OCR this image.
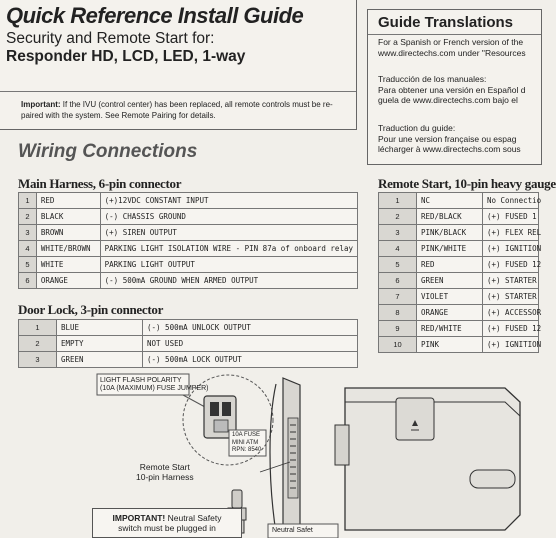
Quick Reference Install Guide
Security and Remote Start for:
Responder HD, LCD, LED, 1-way
Important: If the IVU (control center) has been replaced, all remote controls must be re-paired with the system. See Remote Pairing for details.
Guide Translations
For a Spanish or French version of the
www.directechs.com under "Resources
Traducción de los manuales:
Para obtener una versión en Español d
guela de www.directechs.com bajo el
Traduction du guide:
Pour une version française ou espag
lécharger à www.directechs.com sous
Wiring Connections
Main Harness, 6-pin connector
1	RED	(+)12VDC CONSTANT INPUT
2	BLACK	(-) CHASSIS GROUND
3	BROWN	(+) SIREN OUTPUT
4	WHITE/BROWN	PARKING LIGHT ISOLATION WIRE - PIN 87a of onboard relay
5	WHITE	PARKING LIGHT OUTPUT
6	ORANGE	(-) 500mA GROUND WHEN ARMED OUTPUT
Door Lock, 3-pin connector
1	BLUE	(-) 500mA UNLOCK OUTPUT
2	EMPTY	NOT USED
3	GREEN	(-) 500mA LOCK OUTPUT
Remote Start, 10-pin heavy gauge
1	NC	No Connectio
2	RED/BLACK	(+) FUSED 1
3	PINK/BLACK	(+) FLEX REL
4	PINK/WHITE	(+) IGNITION
5	RED	(+) FUSED 12
6	GREEN	(+) STARTER
7	VIOLET	(+) STARTER
8	ORANGE	(+) ACCESSOR
9	RED/WHITE	(+) FUSED 12
10	PINK	(+) IGNITION
LIGHT FLASH POLARITY
(10A (MAXIMUM) FUSE JUMPER)
10A FUSE
MINI ATM
RPN: 8540
Remote Start
10-pin Harness
IMPORTANT! Neutral Safety
switch must be plugged in	Neutral Safet
